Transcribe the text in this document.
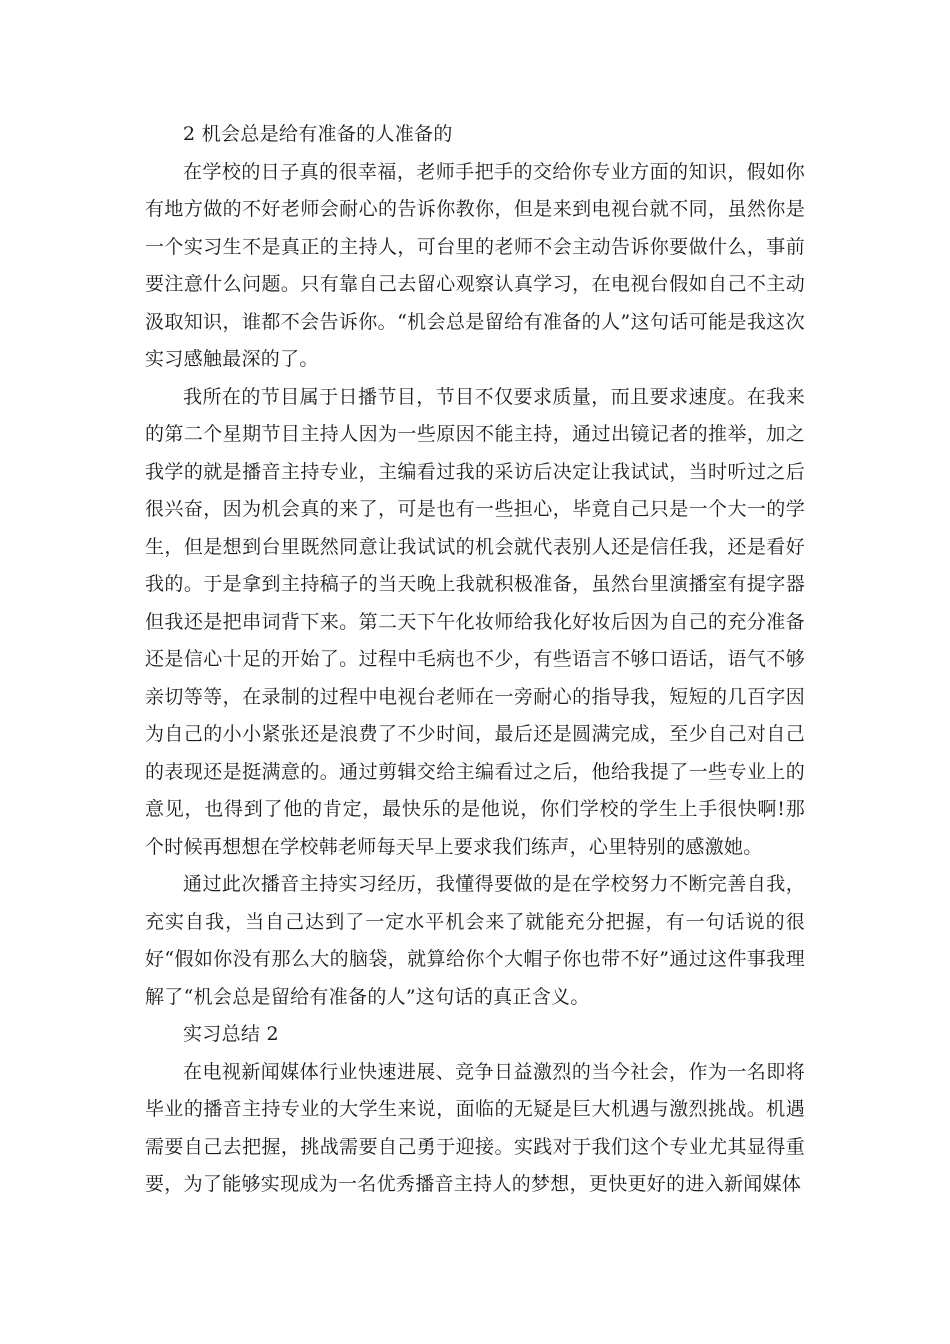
2 机会总是给有准备的人准备的

在学校的日子真的很幸福，老师手把手的交给你专业方面的知识，假如你有地方做的不好老师会耐心的告诉你教你，但是来到电视台就不同，虽然你是一个实习生不是真正的主持人，可台里的老师不会主动告诉你要做什么，事前要注意什么问题。只有靠自己去留心观察认真学习，在电视台假如自己不主动汲取知识，谁都不会告诉你。“机会总是留给有准备的人”这句话可能是我这次实习感触最深的了。

我所在的节目属于日播节目，节目不仅要求质量，而且要求速度。在我来的第二个星期节目主持人因为一些原因不能主持，通过出镜记者的推举，加之我学的就是播音主持专业，主编看过我的采访后决定让我试试，当时听过之后很兴奋，因为机会真的来了，可是也有一些担心，毕竟自己只是一个大一的学生，但是想到台里既然同意让我试试的机会就代表别人还是信任我，还是看好我的。于是拿到主持稿子的当天晚上我就积极准备，虽然台里演播室有提字器但我还是把串词背下来。第二天下午化妆师给我化好妆后因为自己的充分准备还是信心十足的开始了。过程中毛病也不少，有些语言不够口语话，语气不够亲切等等，在录制的过程中电视台老师在一旁耐心的指导我，短短的几百字因为自己的小小紧张还是浪费了不少时间，最后还是圆满完成，至少自己对自己的表现还是挺满意的。通过剪辑交给主编看过之后，他给我提了一些专业上的意见，也得到了他的肯定，最快乐的是他说，你们学校的学生上手很快啊!那个时候再想想在学校韩老师每天早上要求我们练声，心里特别的感激她。

通过此次播音主持实习经历，我懂得要做的是在学校努力不断完善自我，充实自我，当自己达到了一定水平机会来了就能充分把握，有一句话说的很好“假如你没有那么大的脑袋，就算给你个大帽子你也带不好”通过这件事我理解了“机会总是留给有准备的人”这句话的真正含义。

实习总结 2

在电视新闻媒体行业快速进展、竞争日益激烈的当今社会，作为一名即将毕业的播音主持专业的大学生来说，面临的无疑是巨大机遇与激烈挑战。机遇需要自己去把握，挑战需要自己勇于迎接。实践对于我们这个专业尤其显得重要，为了能够实现成为一名优秀播音主持人的梦想，更快更好的进入新闻媒体
